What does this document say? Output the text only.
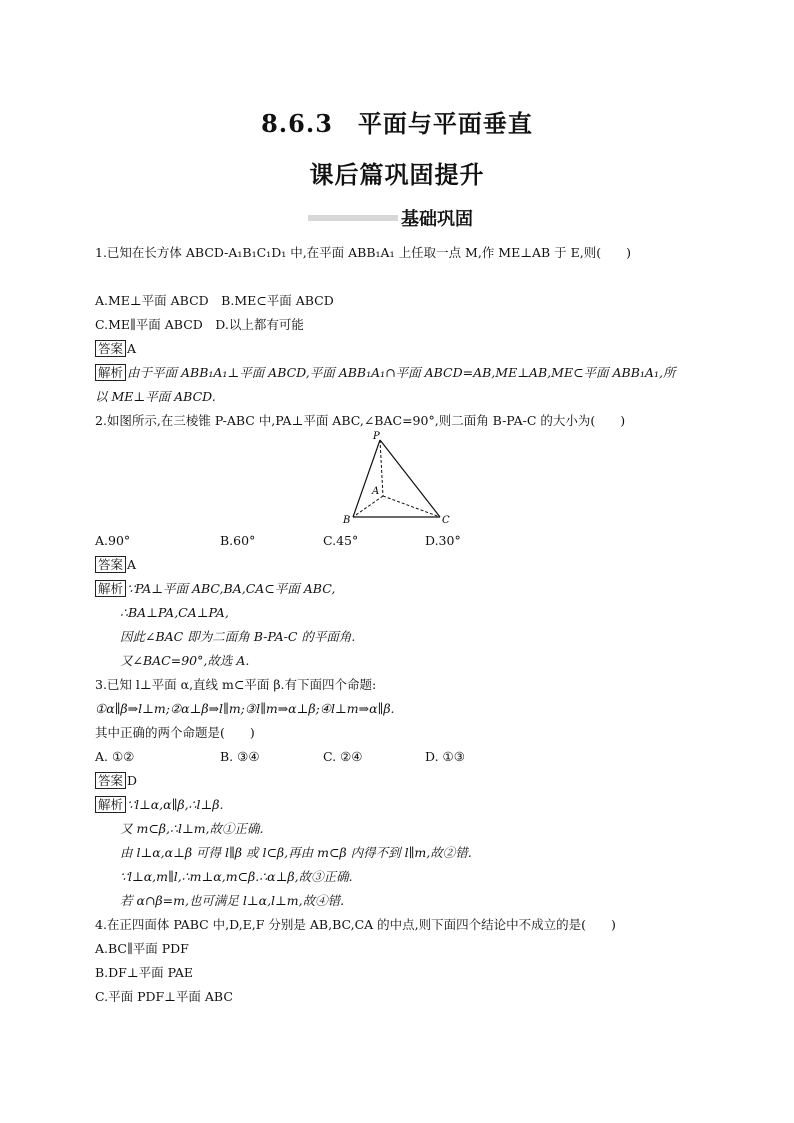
8.6.3　平面与平面垂直
课后篇巩固提升
基础巩固
1.已知在长方体 ABCD-A₁B₁C₁D₁ 中,在平面 ABB₁A₁ 上任取一点 M,作 ME⊥AB 于 E,则(　　)
A.ME⊥平面 ABCD　B.ME⊂平面 ABCD
C.ME∥平面 ABCD　D.以上都有可能
答案 A
解析 由于平面 ABB₁A₁⊥平面 ABCD,平面 ABB₁A₁∩平面 ABCD=AB,ME⊥AB,ME⊂平面 ABB₁A₁,所
以 ME⊥平面 ABCD.
2.如图所示,在三棱锥 P-ABC 中,PA⊥平面 ABC,∠BAC=90°,则二面角 B-PA-C 的大小为(　　)
P
A
B	C
A.90°	B.60°	C.45°	D.30°
答案 A
解析 ∵PA⊥平面 ABC,BA,CA⊂平面 ABC,
∴BA⊥PA,CA⊥PA,
因此∠BAC 即为二面角 B-PA-C 的平面角.
又∠BAC=90°,故选 A.
3.已知 l⊥平面 α,直线 m⊂平面 β.有下面四个命题:
①α∥β⇒l⊥m;②α⊥β⇒l∥m;③l∥m⇒α⊥β;④l⊥m⇒α∥β.
其中正确的两个命题是(　　)
A. ①②	B. ③④	C. ②④	D. ①③
答案 D
解析 ∵l⊥α,α∥β,∴l⊥β.
又 m⊂β,∴l⊥m,故①正确.
由 l⊥α,α⊥β 可得 l∥β 或 l⊂β,再由 m⊂β 内得不到 l∥m,故②错.
∵l⊥α,m∥l,∴m⊥α,m⊂β.∴α⊥β,故③正确.
若 α∩β=m,也可满足 l⊥α,l⊥m,故④错.
4.在正四面体 PABC 中,D,E,F 分别是 AB,BC,CA 的中点,则下面四个结论中不成立的是(　　)
A.BC∥平面 PDF
B.DF⊥平面 PAE
C.平面 PDF⊥平面 ABC
